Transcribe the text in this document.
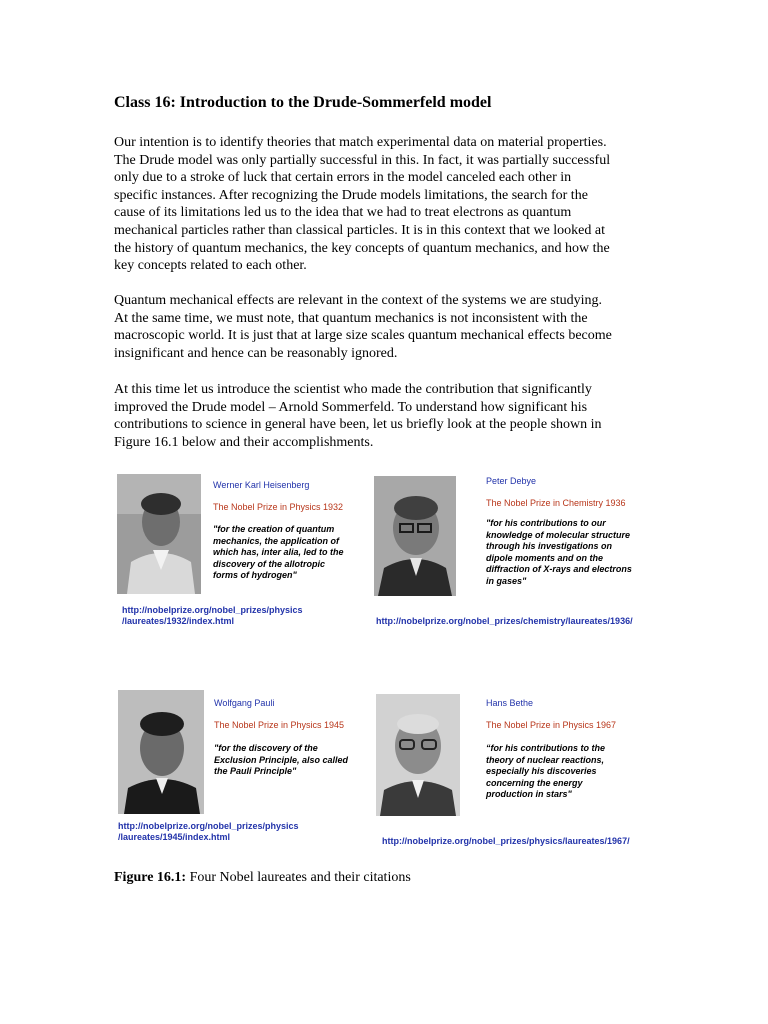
Class 16: Introduction to the Drude-Sommerfeld model
Our intention is to identify theories that match experimental data on material properties.
The Drude model was only partially successful in this. In fact, it was partially successful
only due to a stroke of luck that certain errors in the model canceled each other in
specific instances. After recognizing the Drude models limitations, the search for the
cause of its limitations led us to the idea that we had to treat electrons as quantum
mechanical particles rather than classical particles. It is in this context that we looked at
the history of quantum mechanics, the key concepts of quantum mechanics, and how the
key concepts related to each other.
Quantum mechanical effects are relevant in the context of the systems we are studying.
At the same time, we must note, that quantum mechanics is not inconsistent with the
macroscopic world. It is just that at large size scales quantum mechanical effects become
insignificant and hence can be reasonably ignored.
At this time let us introduce the scientist who made the contribution that significantly
improved the Drude model – Arnold Sommerfeld. To understand how significant his
contributions to science in general have been, let us briefly look at the people shown in
Figure 16.1 below and their accomplishments.
Werner Karl Heisenberg
The Nobel Prize in Physics 1932
"for the creation of quantum
mechanics, the application of
which has, inter alia, led to the
discovery of the allotropic
forms of hydrogen"
http://nobelprize.org/nobel_prizes/physics
/laureates/1932/index.html
Peter Debye
The Nobel Prize in Chemistry 1936
"for his contributions to our
knowledge of molecular structure
through his investigations on
dipole moments and on the
diffraction of X-rays and electrons
in gases"
http://nobelprize.org/nobel_prizes/chemistry/laureates/1936/
Wolfgang Pauli
The Nobel Prize in Physics 1945
"for the discovery of the
Exclusion Principle, also called
the Pauli Principle"
http://nobelprize.org/nobel_prizes/physics
/laureates/1945/index.html
Hans Bethe
The Nobel Prize in Physics 1967
“for his contributions to the
theory of nuclear reactions,
especially his discoveries
concerning the energy
production in stars"
http://nobelprize.org/nobel_prizes/physics/laureates/1967/
Figure 16.1: Four Nobel laureates and their citations
